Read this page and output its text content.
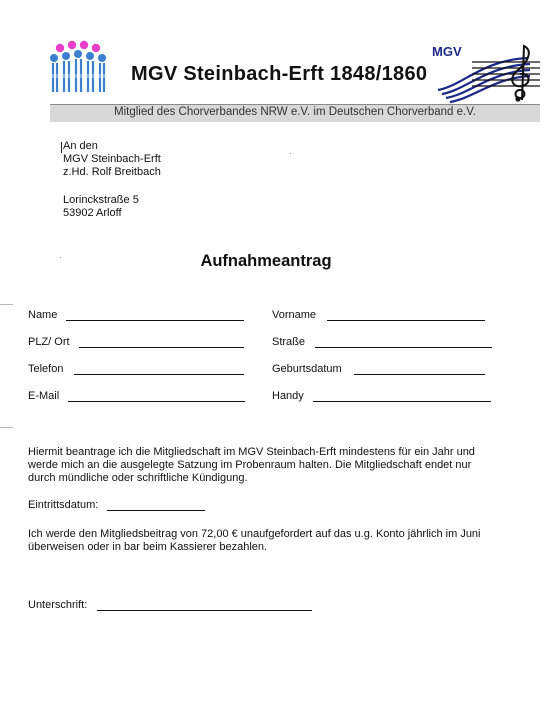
MGV Steinbach-Erft 1848/1860
MGV
Mitglied des Chorverbandes NRW e.V. im Deutschen Chorverband e.V.
An den
MGV Steinbach-Erft
z.Hd. Rolf Breitbach
Lorinckstraße 5
53902 Arloff
Aufnahmeantrag
Name	Vorname
PLZ/ Ort	Straße
Telefon	Geburtsdatum
E-Mail	Handy
Hiermit beantrage ich die Mitgliedschaft im MGV Steinbach-Erft mindestens für ein Jahr und werde mich an die ausgelegte Satzung im Probenraum halten. Die Mitgliedschaft endet nur durch mündliche oder schriftliche Kündigung.
Eintrittsdatum:
Ich werde den Mitgliedsbeitrag von 72,00 € unaufgefordert auf das u.g. Konto jährlich im Juni überweisen oder in bar beim Kassierer bezahlen.
Unterschrift:
